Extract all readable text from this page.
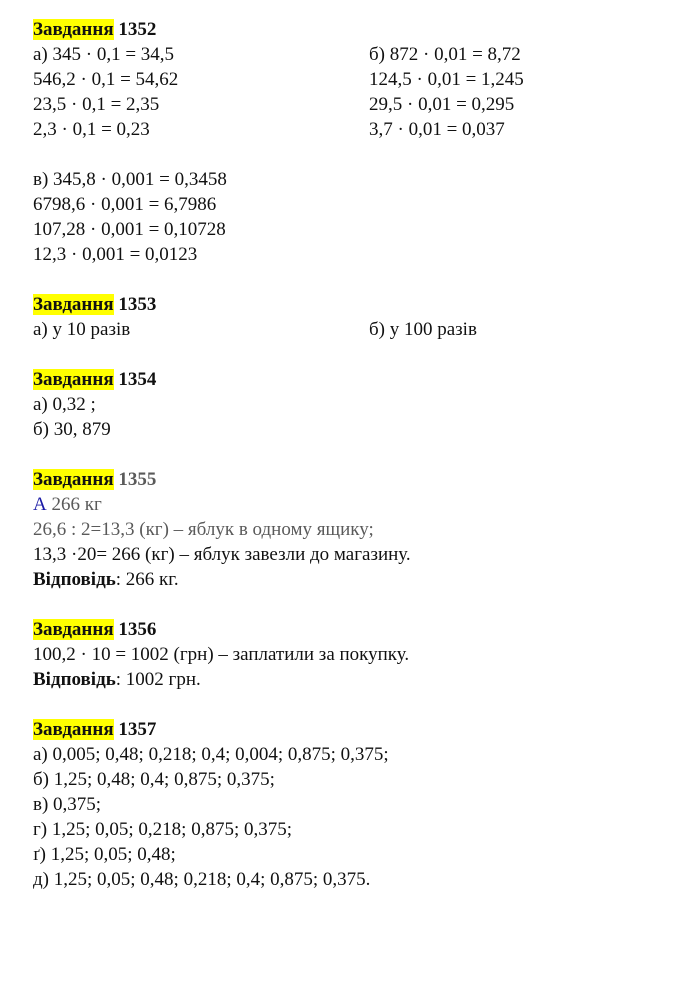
Завдання 1352
а) 345 · 0,1 = 34,5	б) 872 · 0,01 = 8,72
546,2 · 0,1 = 54,62	124,5 · 0,01 = 1,245
23,5 · 0,1 = 2,35	29,5 · 0,01 = 0,295
2,3 · 0,1 = 0,23	3,7 · 0,01 = 0,037
в) 345,8 · 0,001 = 0,3458
6798,6 · 0,001 = 6,7986
107,28 · 0,001 = 0,10728
12,3 · 0,001 = 0,0123
Завдання 1353
а) у 10 разів	б) у 100 разів
Завдання 1354
а) 0,32 ;
б) 30, 879
Завдання 1355
А 266 кг
26,6 : 2=13,3 (кг) – яблук в одному ящику;
13,3 ·20= 266 (кг) – яблук завезли до магазину.
Відповідь: 266 кг.
Завдання 1356
100,2 · 10 = 1002 (грн) – заплатили за покупку.
Відповідь: 1002 грн.
Завдання 1357
а) 0,005; 0,48; 0,218; 0,4; 0,004; 0,875; 0,375;
б) 1,25; 0,48; 0,4; 0,875; 0,375;
в) 0,375;
г) 1,25; 0,05; 0,218; 0,875; 0,375;
ґ) 1,25; 0,05; 0,48;
д) 1,25; 0,05; 0,48; 0,218; 0,4; 0,875; 0,375.
